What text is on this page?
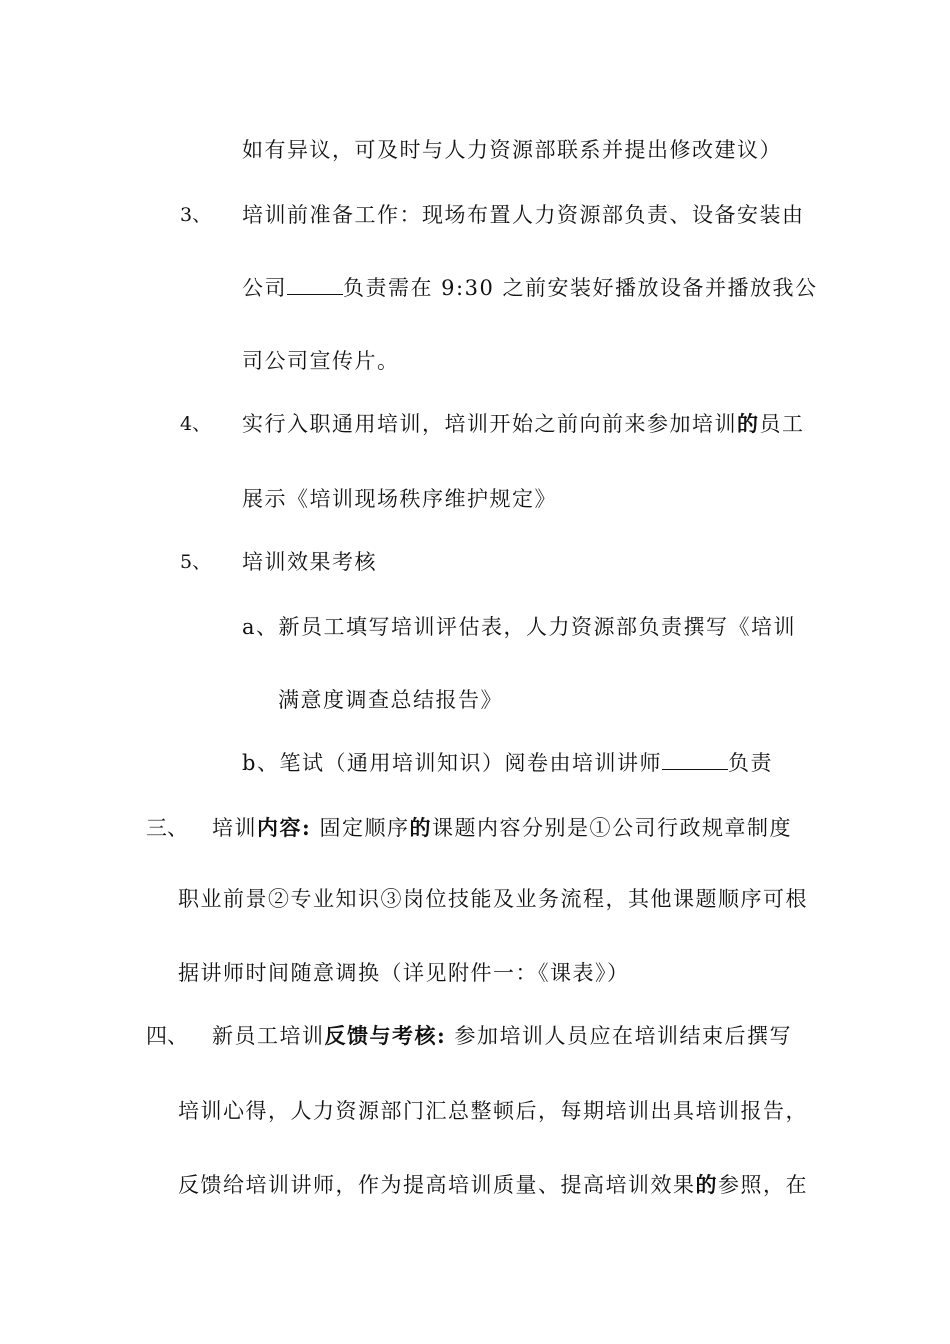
如有异议，可及时与人力资源部联系并提出修改建议）
3、 培训前准备工作：现场布置人力资源部负责、设备安装由
公司	负责需在 9:30 之前安装好播放设备并播放我公
司公司宣传片。
4、 实行入职通用培训，培训开始之前向前来参加培训的员工
展示《培训现场秩序维护规定》
5、 培训效果考核
a、新员工填写培训评估表，人力资源部负责撰写《培训
满意度调查总结报告》
b、笔试（通用培训知识）阅卷由培训讲师	负责
三、 培训内容: 固定顺序的课题内容分别是①公司行政规章制度
职业前景②专业知识③岗位技能及业务流程，其他课题顺序可根
据讲师时间随意调换（详见附件一：《课表》）
四、 新员工培训反馈与考核: 参加培训人员应在培训结束后撰写
培训心得，人力资源部门汇总整顿后，每期培训出具培训报告，
反馈给培训讲师，作为提高培训质量、提高培训效果的参照，在
